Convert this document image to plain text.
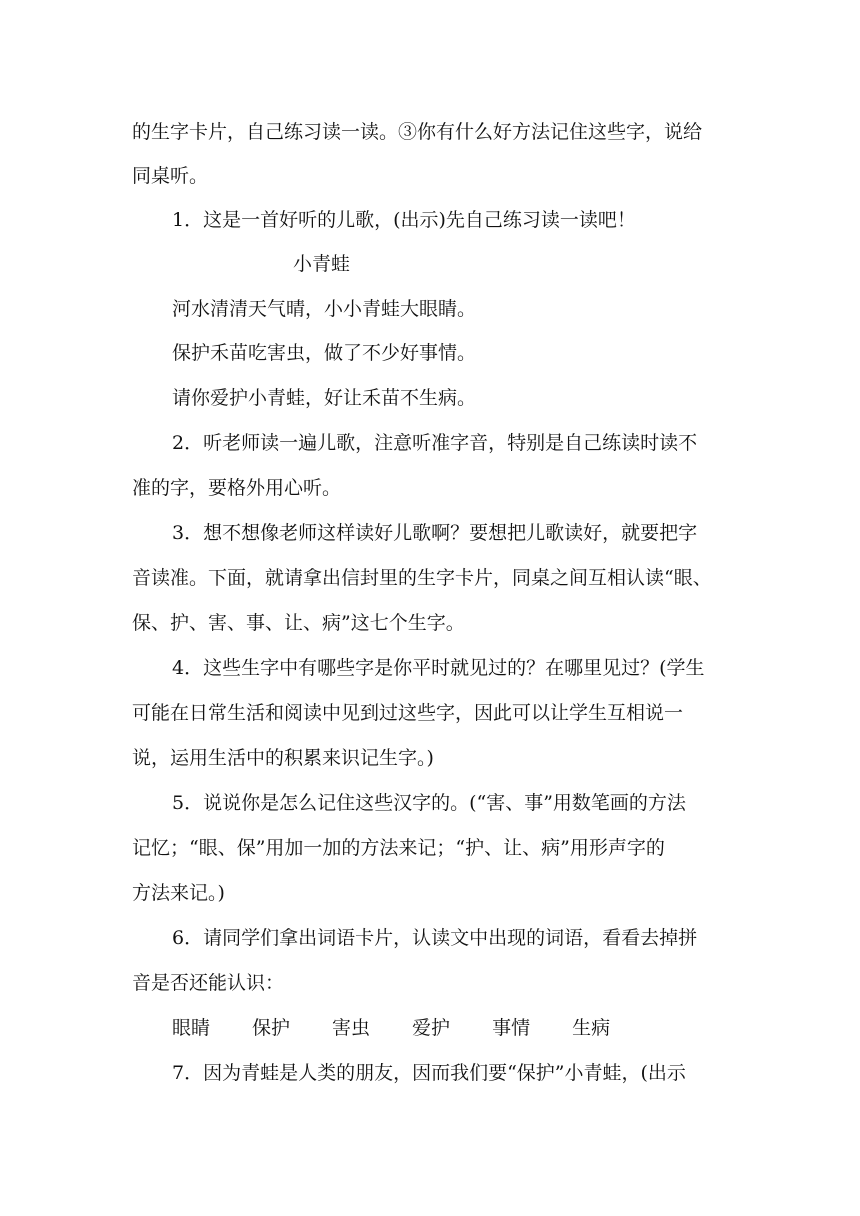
的生字卡片，自己练习读一读。③你有什么好方法记住这些字，说给
同桌听。
1．这是一首好听的儿歌，(出示)先自己练习读一读吧！
小青蛙
河水清清天气晴，小小青蛙大眼睛。
保护禾苗吃害虫，做了不少好事情。
请你爱护小青蛙，好让禾苗不生病。
2．听老师读一遍儿歌，注意听准字音，特别是自己练读时读不
准的字，要格外用心听。
3．想不想像老师这样读好儿歌啊？要想把儿歌读好，就要把字
音读准。下面，就请拿出信封里的生字卡片，同桌之间互相认读“眼、
保、护、害、事、让、病”这七个生字。
4．这些生字中有哪些字是你平时就见过的？在哪里见过？(学生
可能在日常生活和阅读中见到过这些字，因此可以让学生互相说一
说，运用生活中的积累来识记生字。)
5．说说你是怎么记住这些汉字的。(“害、事”用数笔画的方法
记忆；“眼、保”用加一加的方法来记；“护、让、病”用形声字的
方法来记。)
6．请同学们拿出词语卡片，认读文中出现的词语，看看去掉拼
音是否还能认识：
眼睛 保护 害虫 爱护 事情 生病
7．因为青蛙是人类的朋友，因而我们要“保护”小青蛙，(出示
